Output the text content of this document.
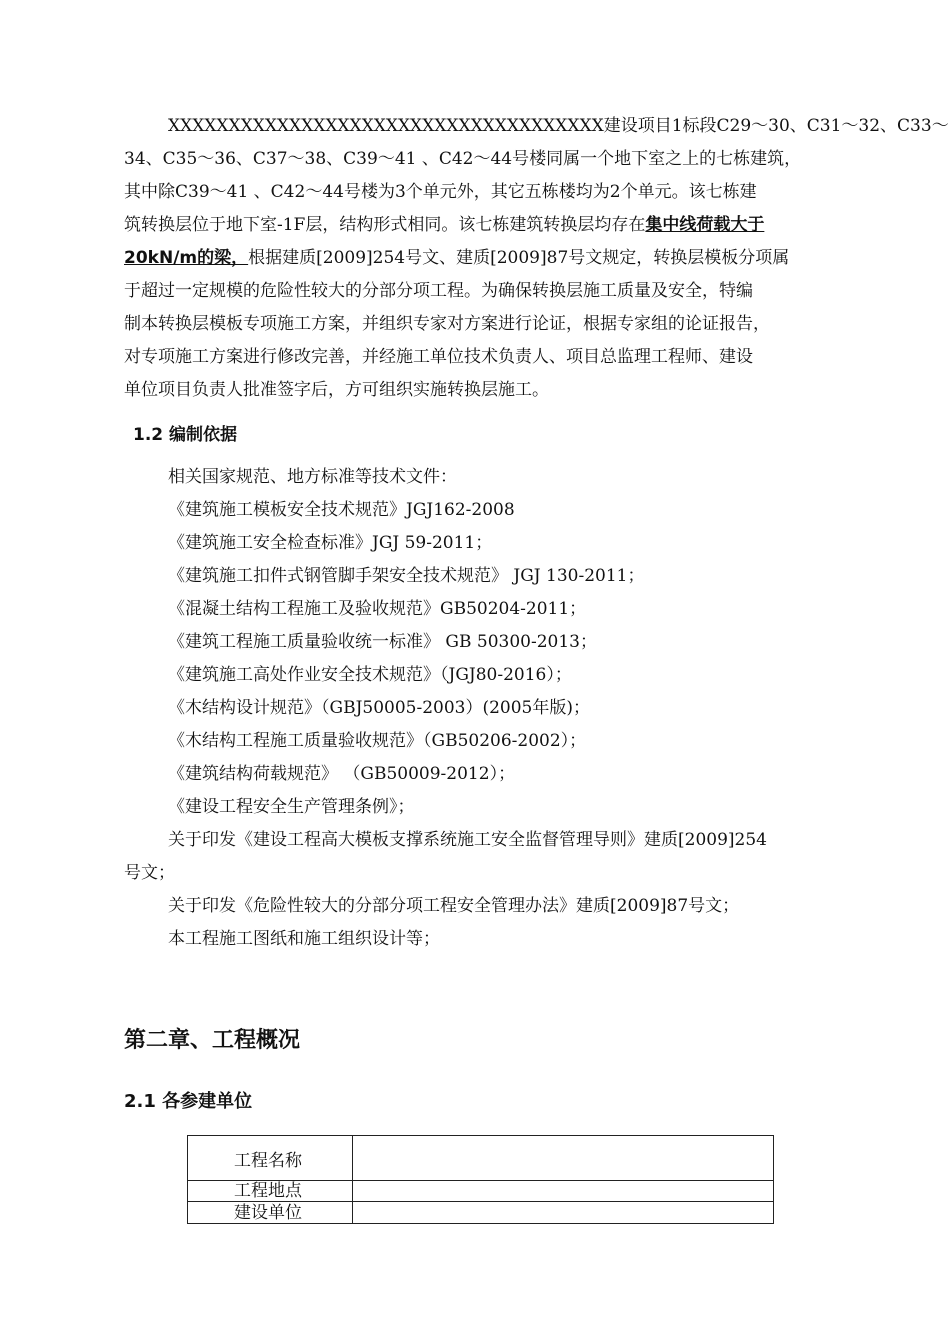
XXXXXXXXXXXXXXXXXXXXXXXXXXXXXXXXXXXX建设项目1标段C29～30、C31～32、C33～
34、C35～36、C37～38、C39～41 、C42～44号楼同属一个地下室之上的七栋建筑，
其中除C39～41 、C42～44号楼为3个单元外，其它五栋楼均为2个单元。该七栋建
筑转换层位于地下室-1F层，结构形式相同。该七栋建筑转换层均存在集中线荷载大于
20kN/m的梁，根据建质[2009]254号文、建质[2009]87号文规定，转换层模板分项属
于超过一定规模的危险性较大的分部分项工程。为确保转换层施工质量及安全，特编
制本转换层模板专项施工方案，并组织专家对方案进行论证，根据专家组的论证报告，
对专项施工方案进行修改完善，并经施工单位技术负责人、项目总监理工程师、建设
单位项目负责人批准签字后，方可组织实施转换层施工。
1.2 编制依据
相关国家规范、地方标准等技术文件：
《建筑施工模板安全技术规范》JGJ162-2008
《建筑施工安全检查标准》JGJ 59-2011；
《建筑施工扣件式钢管脚手架安全技术规范》 JGJ 130-2011；
《混凝土结构工程施工及验收规范》GB50204-2011；
《建筑工程施工质量验收统一标准》 GB 50300-2013；
《建筑施工高处作业安全技术规范》（JGJ80-2016）；
《木结构设计规范》（GBJ50005-2003）(2005年版)；
《木结构工程施工质量验收规范》（GB50206-2002）；
《建筑结构荷载规范》 （GB50009-2012）；
《建设工程安全生产管理条例》；
关于印发《建设工程高大模板支撑系统施工安全监督管理导则》建质[2009]254
号文；
关于印发《危险性较大的分部分项工程安全管理办法》建质[2009]87号文；
本工程施工图纸和施工组织设计等；
第二章、工程概况
2.1 各参建单位
工程名称	
工程地点	
建设单位	
